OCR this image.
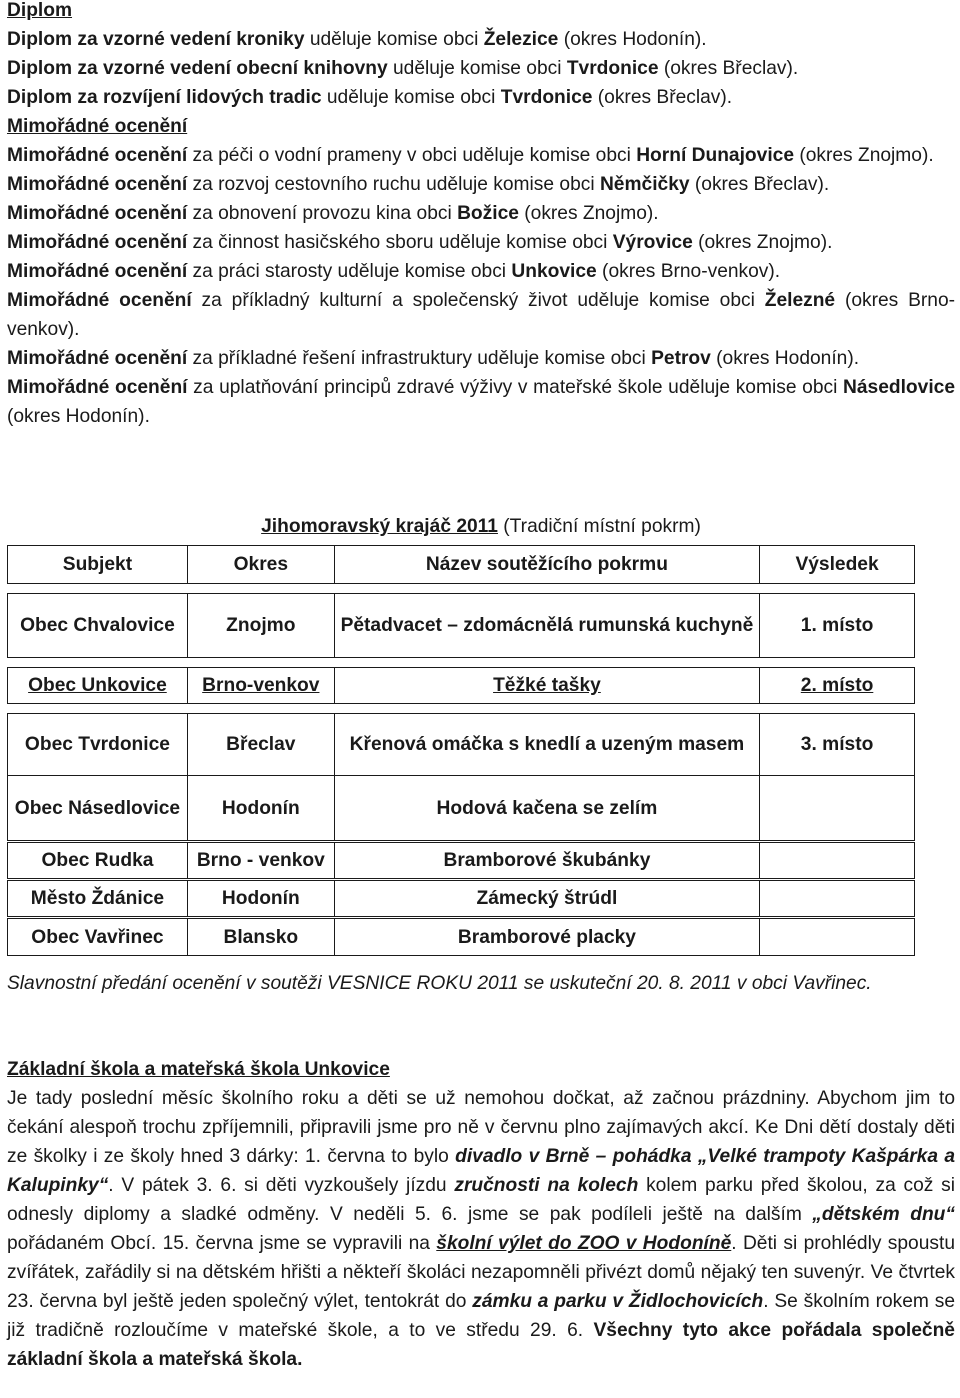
Diplom

Diplom za vzorné vedení kroniky uděluje komise obci Železice (okres Hodonín).

Diplom za vzorné vedení obecní knihovny uděluje komise obci Tvrdonice (okres Břeclav).

Diplom za rozvíjení lidových tradic uděluje komise obci Tvrdonice (okres Břeclav).

Mimořádné ocenění

Mimořádné ocenění za péči o vodní prameny v obci uděluje komise obci Horní Dunajovice (okres Znojmo).

Mimořádné ocenění za rozvoj cestovního ruchu uděluje komise obci Němčičky (okres Břeclav).

Mimořádné ocenění za obnovení provozu kina obci Božice (okres Znojmo).

Mimořádné ocenění za činnost hasičského sboru uděluje komise obci Výrovice (okres Znojmo).

Mimořádné ocenění za práci starosty uděluje komise obci Unkovice (okres Brno-venkov).

Mimořádné ocenění za příkladný kulturní a společenský život uděluje komise obci Železné (okres Brno-venkov).

Mimořádné ocenění za příkladné řešení infrastruktury uděluje komise obci Petrov (okres Hodonín).

Mimořádné ocenění za uplatňování principů zdravé výživy v mateřské škole uděluje komise obci Násedlovice (okres Hodonín).

Jihomoravský krajáč 2011 (Tradiční místní pokrm)
Subjekt	Okres	Název soutěžícího pokrmu	Výsledek

Obec Chvalovice	Znojmo	Pětadvacet – zdomácnělá rumunská kuchyně	1. místo

Obec Unkovice	Brno-venkov	Těžké tašky	2. místo

Obec Tvrdonice	Břeclav	Křenová omáčka s knedlí a uzeným masem	3. místo
Obec Násedlovice	Hodonín	Hodová kačena se zelím	
Obec Rudka	Brno - venkov	Bramborové škubánky	
Město Ždánice	Hodonín	Zámecký štrúdl	
Obec Vavřinec	Blansko	Bramborové placky	

Slavnostní předání ocenění v soutěži VESNICE ROKU 2011 se uskuteční 20. 8. 2011 v obci Vavřinec.

Základní škola a mateřská škola Unkovice

Je tady poslední měsíc školního roku a děti se už nemohou dočkat, až začnou prázdniny. Abychom jim to čekání alespoň trochu zpříjemnili, připravili jsme pro ně v červnu plno zajímavých akcí. Ke Dni dětí dostaly děti ze školky i ze školy hned 3 dárky: 1. června to bylo divadlo v Brně – pohádka „Velké trampoty Kašpárka a Kalupinky“. V pátek 3. 6. si děti vyzkoušely jízdu zručnosti na kolech kolem parku před školou, za což si odnesly diplomy a sladké odměny. V neděli 5. 6. jsme se pak podíleli ještě na dalším „dětském dnu“ pořádaném Obcí. 15. června jsme se vypravili na školní výlet do ZOO v Hodoníně. Děti si prohlédly spoustu zvířátek, zařádily si na dětském hřišti a někteří školáci nezapomněli přivézt domů nějaký ten suvenýr. Ve čtvrtek 23. června byl ještě jeden společný výlet, tentokrát do zámku a parku v Židlochovicích. Se školním rokem se již tradičně rozloučíme v mateřské škole, a to ve středu 29. 6. Všechny tyto akce pořádala společně základní škola a mateřská škola.
